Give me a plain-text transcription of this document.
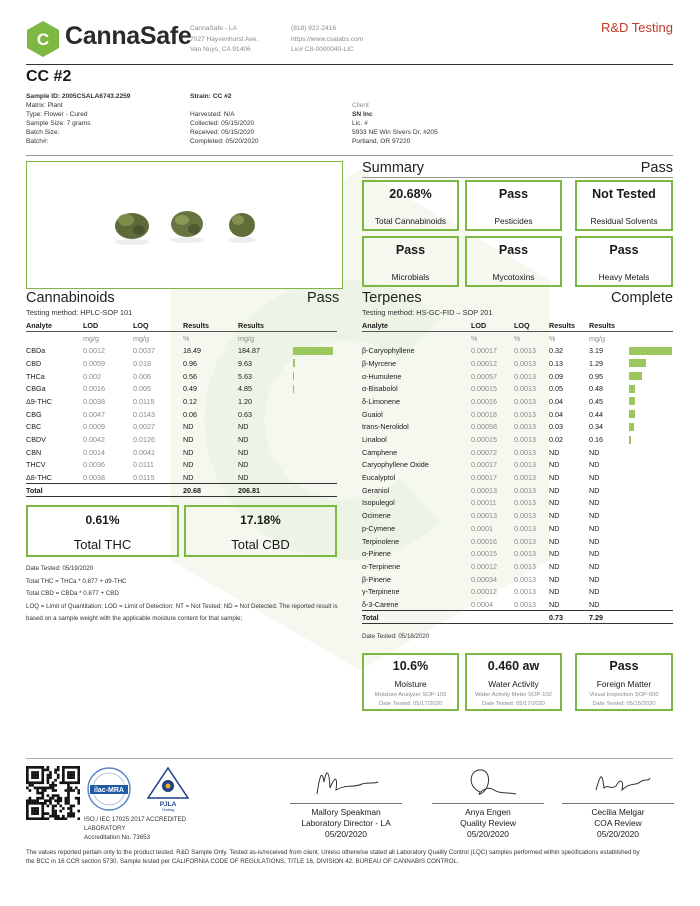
C CannaSafe
CannaSafe - LA
7027 Hayvenhurst Ave.
Van Nuys, CA 91406
(818) 922-2416
https://www.csalabs.com
Lic# C8-0000040-LIC
R&D Testing
CC #2
Sample ID: 2005CSALA6743.2259
Matrix: Plant
Type: Flower - Cured
Sample Size: 7 grams
Batch Size:
Batch#:
Strain: CC #2
Harvested: N/A
Collected: 05/15/2020
Received: 05/15/2020
Completed: 05/20/2020
Client
SN Inc
Lic. #
5933 NE Win Sivers Dr, #205
Portland, OR 97220
Summary	Pass
20.68%
Total Cannabinoids
Pass
Pesticides
Not Tested
Residual Solvents
Pass
Microbials
Pass
Mycotoxins
Pass
Heavy Metals
Cannabinoids	Pass
Testing method: HPLC-SOP 101
Analyte	LOD	LOQ	Results	Results	
	mg/g	mg/g	%	mg/g	
CBDa	0.0012	0.0037	18.49	184.87	

CBD	0.0059	0.018	0.96	9.63	

THCa	0.002	0.006	0.56	5.63	

CBGa	0.0016	0.005	0.49	4.85	

Δ9-THC	0.0038	0.0115	0.12	1.20	

CBG	0.0047	0.0143	0.06	0.63	

CBC	0.0009	0.0027	ND	ND	

CBDV	0.0042	0.0126	ND	ND	

CBN	0.0014	0.0041	ND	ND	

THCV	0.0036	0.0111	ND	ND	

Δ8-THC	0.0038	0.0115	ND	ND	

Total			20.68	206.81	
0.61%
Total THC
17.18%
Total CBD
Date Tested: 05/19/2020
Total THC = THCa * 0.877 + d9-THC
Total CBD = CBDa * 0.877 + CBD
LOQ = Limit of Quantitation; LOD = Limit of Detection; NT = Not Tested; ND = Not Detected. The reported result is based on a sample weight with the applicable moisture content for that sample;
Terpenes	Complete
Testing method: HS-GC-FID – SOP 201
Analyte	LOD	LOQ	Results	Results	
	%	%	%	mg/g	
β-Caryophyllene	0.00017	0.0013	0.32	3.19	

β-Myrcene	0.00012	0.0013	0.13	1.29	

α-Humulene	0.00057	0.0013	0.09	0.95	

α-Bisabolol	0.00015	0.0013	0.05	0.48	

δ-Limonene	0.00016	0.0013	0.04	0.45	

Guaiol	0.00018	0.0013	0.04	0.44	

trans-Nerolidol	0.00058	0.0013	0.03	0.34	

Linalool	0.00015	0.0013	0.02	0.16	

Camphene	0.00072	0.0013	ND	ND	

Caryophyllene Oxide	0.00017	0.0013	ND	ND	

Eucalyptol	0.00017	0.0013	ND	ND	

Geraniol	0.00013	0.0013	ND	ND	

Isopulegol	0.00011	0.0013	ND	ND	

Ocimene	0.00013	0.0013	ND	ND	

p-Cymene	0.0001	0.0013	ND	ND	

Terpinolene	0.00016	0.0013	ND	ND	

α-Pinene	0.00015	0.0013	ND	ND	

α-Terpinene	0.00012	0.0013	ND	ND	

β-Pinene	0.00034	0.0013	ND	ND	

γ-Terpinene	0.00012	0.0013	ND	ND	

δ-3-Carene	0.0004	0.0013	ND	ND	

Total			0.73	7.29	
Date Tested: 05/18/2020
10.6%
Moisture
Moisture Analyzer SOP-103
Date Tested: 05/17/2020
0.460 aw
Water Activity
Water Activity Meter SOP-102
Date Tested: 05/17/2020
Pass
Foreign Matter
Visual Inspection SOP-600
Date Tested: 05/15/2020
ilac-MRA
PJLA
Testing
ISO / IEC 17025:2017 ACCREDITED
LABORATORY
Accreditation No. 73653
Mallory Speakman
Laboratory Director - LA
05/20/2020
Anya Engen
Quality Review
05/20/2020
Cecilia Melgar
COA Review
05/20/2020
The values reported pertain only to the product tested. R&D Sample Only. Tested as-is/received from client. Unless otherwise stated all Laboratory Quality Control (LQC) samples performed within specifications established by the BCC in 16 CCR section 5730. Sample tested per CALIFORNIA CODE OF REGULATIONS, TITLE 16, DIVISION 42. BUREAU OF CANNABIS CONTROL.
